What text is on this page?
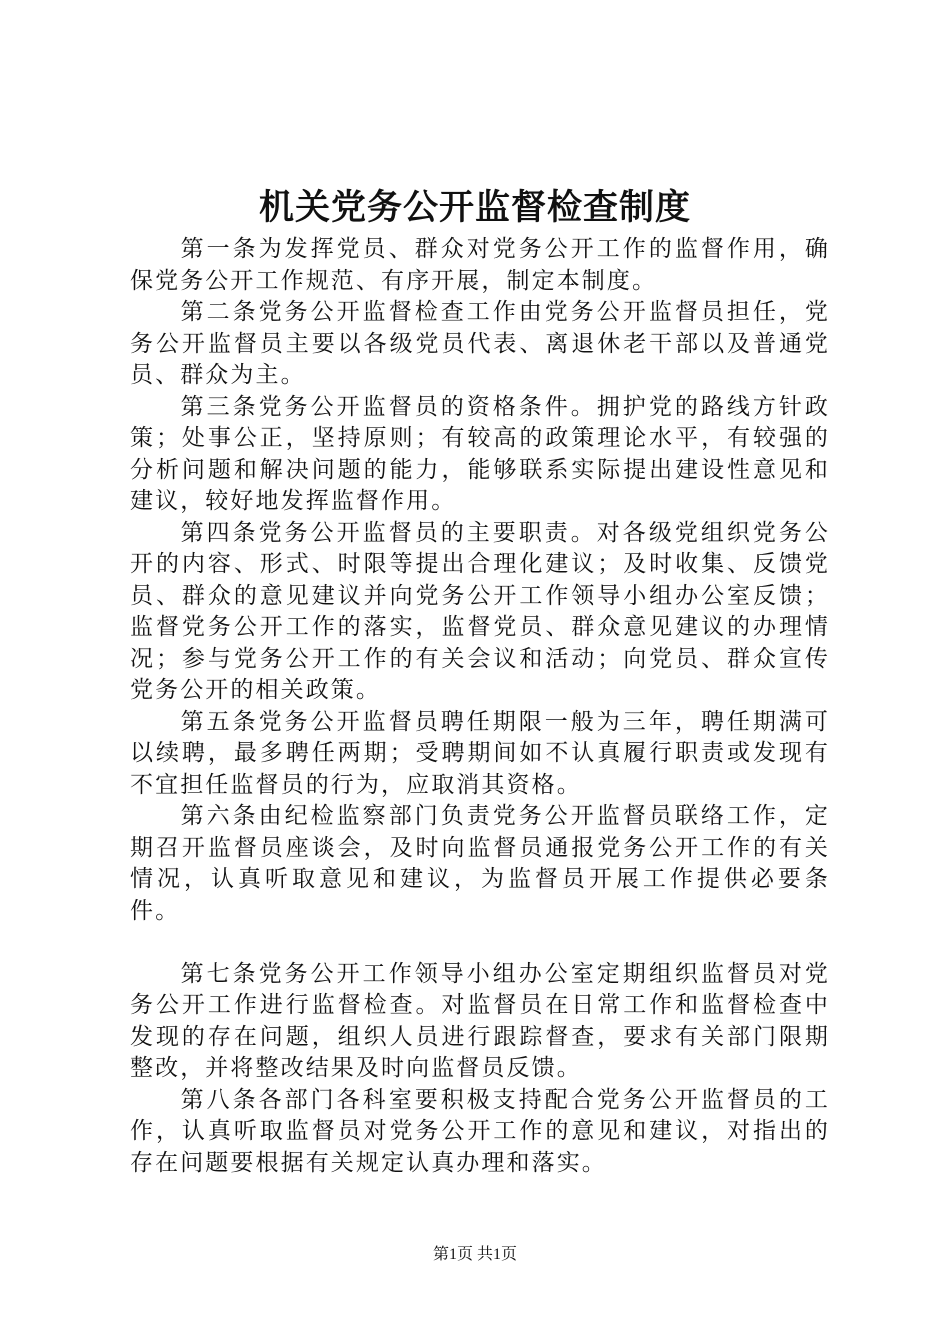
机关党务公开监督检查制度

第一条为发挥党员、群众对党务公开工作的监督作用，确保党务公开工作规范、有序开展，制定本制度。

第二条党务公开监督检查工作由党务公开监督员担任，党务公开监督员主要以各级党员代表、离退休老干部以及普通党员、群众为主。

第三条党务公开监督员的资格条件。拥护党的路线方针政策；处事公正，坚持原则；有较高的政策理论水平，有较强的分析问题和解决问题的能力，能够联系实际提出建设性意见和建议，较好地发挥监督作用。

第四条党务公开监督员的主要职责。对各级党组织党务公开的内容、形式、时限等提出合理化建议；及时收集、反馈党员、群众的意见建议并向党务公开工作领导小组办公室反馈；监督党务公开工作的落实，监督党员、群众意见建议的办理情况；参与党务公开工作的有关会议和活动；向党员、群众宣传党务公开的相关政策。

第五条党务公开监督员聘任期限一般为三年，聘任期满可以续聘，最多聘任两期；受聘期间如不认真履行职责或发现有不宜担任监督员的行为，应取消其资格。

第六条由纪检监察部门负责党务公开监督员联络工作，定期召开监督员座谈会，及时向监督员通报党务公开工作的有关情况，认真听取意见和建议，为监督员开展工作提供必要条件。

第七条党务公开工作领导小组办公室定期组织监督员对党务公开工作进行监督检查。对监督员在日常工作和监督检查中发现的存在问题，组织人员进行跟踪督查，要求有关部门限期整改，并将整改结果及时向监督员反馈。

第八条各部门各科室要积极支持配合党务公开监督员的工作，认真听取监督员对党务公开工作的意见和建议，对指出的存在问题要根据有关规定认真办理和落实。

第1页 共1页
